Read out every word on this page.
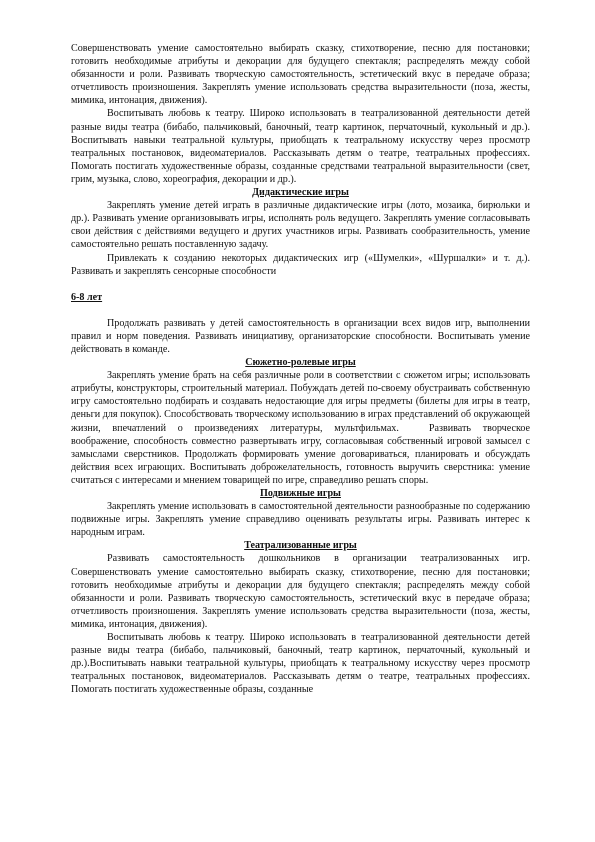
Совершенствовать умение самостоятельно выбирать сказку, стихотворение, песню для постановки; готовить необходимые атрибуты и декорации для будущего спектакля; распределять между собой обязанности и роли. Развивать творческую самостоятельность, эстетический вкус в передаче образа; отчетливость произношения. Закреплять умение использовать средства выразительности (поза, жесты, мимика, интонация, движения).

Воспитывать любовь к театру. Широко использовать в театрализованной деятельности детей разные виды театра (бибабо, пальчиковый, баночный, театр картинок, перчаточный, кукольный и др.). Воспитывать навыки театральной культуры, приобщать к театральному искусству через просмотр театральных постановок, видеоматериалов. Рассказывать детям о театре, театральных профессиях. Помогать постигать художественные образы, созданные средствами театральной выразительности (свет, грим, музыка, слово, хореография, декорации и др.).

Дидактические игры

Закреплять умение детей играть в различные дидактические игры (лото, мозаика, бирюльки и др.). Развивать умение организовывать игры, исполнять роль ведущего. Закреплять умение согласовывать свои действия с действиями ведущего и других участников игры. Развивать сообразительность, умение самостоятельно решать поставленную задачу.

Привлекать к созданию некоторых дидактических игр («Шумелки», «Шуршалки» и т. д.). Развивать и закреплять сенсорные способности

6-8 лет

Продолжать развивать у детей самостоятельность в организации всех видов игр, выполнении правил и норм поведения. Развивать инициативу, организаторские способности. Воспитывать умение действовать в команде.

Сюжетно-ролевые игры

Закреплять умение брать на себя различные роли в соответствии с сюжетом игры; использовать атрибуты, конструкторы, строительный материал. Побуждать детей по-своему обустраивать собственную игру самостоятельно подбирать и создавать недостающие для игры предметы (билеты для игры в театр, деньги для покупок). Способствовать творческому использованию в играх представлений об окружающей жизни, впечатлений о произведениях литературы, мультфильмах.	Развивать творческое воображение, способность совместно развертывать игру, согласовывая собственный игровой замысел с замыслами сверстников. Продолжать формировать умение договариваться, планировать и обсуждать действия всех играющих. Воспитывать доброжелательность, готовность выручить сверстника: умение считаться с интересами и мнением товарищей по игре, справедливо решать споры.

Подвижные игры

Закреплять умение использовать в самостоятельной деятельности разнообразные по содержанию подвижные игры. Закреплять умение справедливо оценивать результаты игры. Развивать интерес к народным играм.

Театрализованные игры

Развивать самостоятельность дошкольников в организации театрализованных игр. Совершенствовать умение самостоятельно выбирать сказку, стихотворение, песню для постановки; готовить необходимые атрибуты и декорации для будущего спектакля; распределять между собой обязанности и роли. Развивать творческую самостоятельность, эстетический вкус в передаче образа; отчетливость произношения. Закреплять умение использовать средства выразительности (поза, жесты, мимика, интонация, движения).

Воспитывать любовь к театру. Широко использовать в театрализованной деятельности детей разные виды театра (бибабо, пальчиковый, баночный, театр картинок, перчаточный, кукольный и др.).Воспитывать навыки театральной культуры, приобщать к театральному искусству через просмотр театральных постановок, видеоматериалов. Рассказывать детям о театре, театральных профессиях. Помогать постигать художественные образы, созданные
